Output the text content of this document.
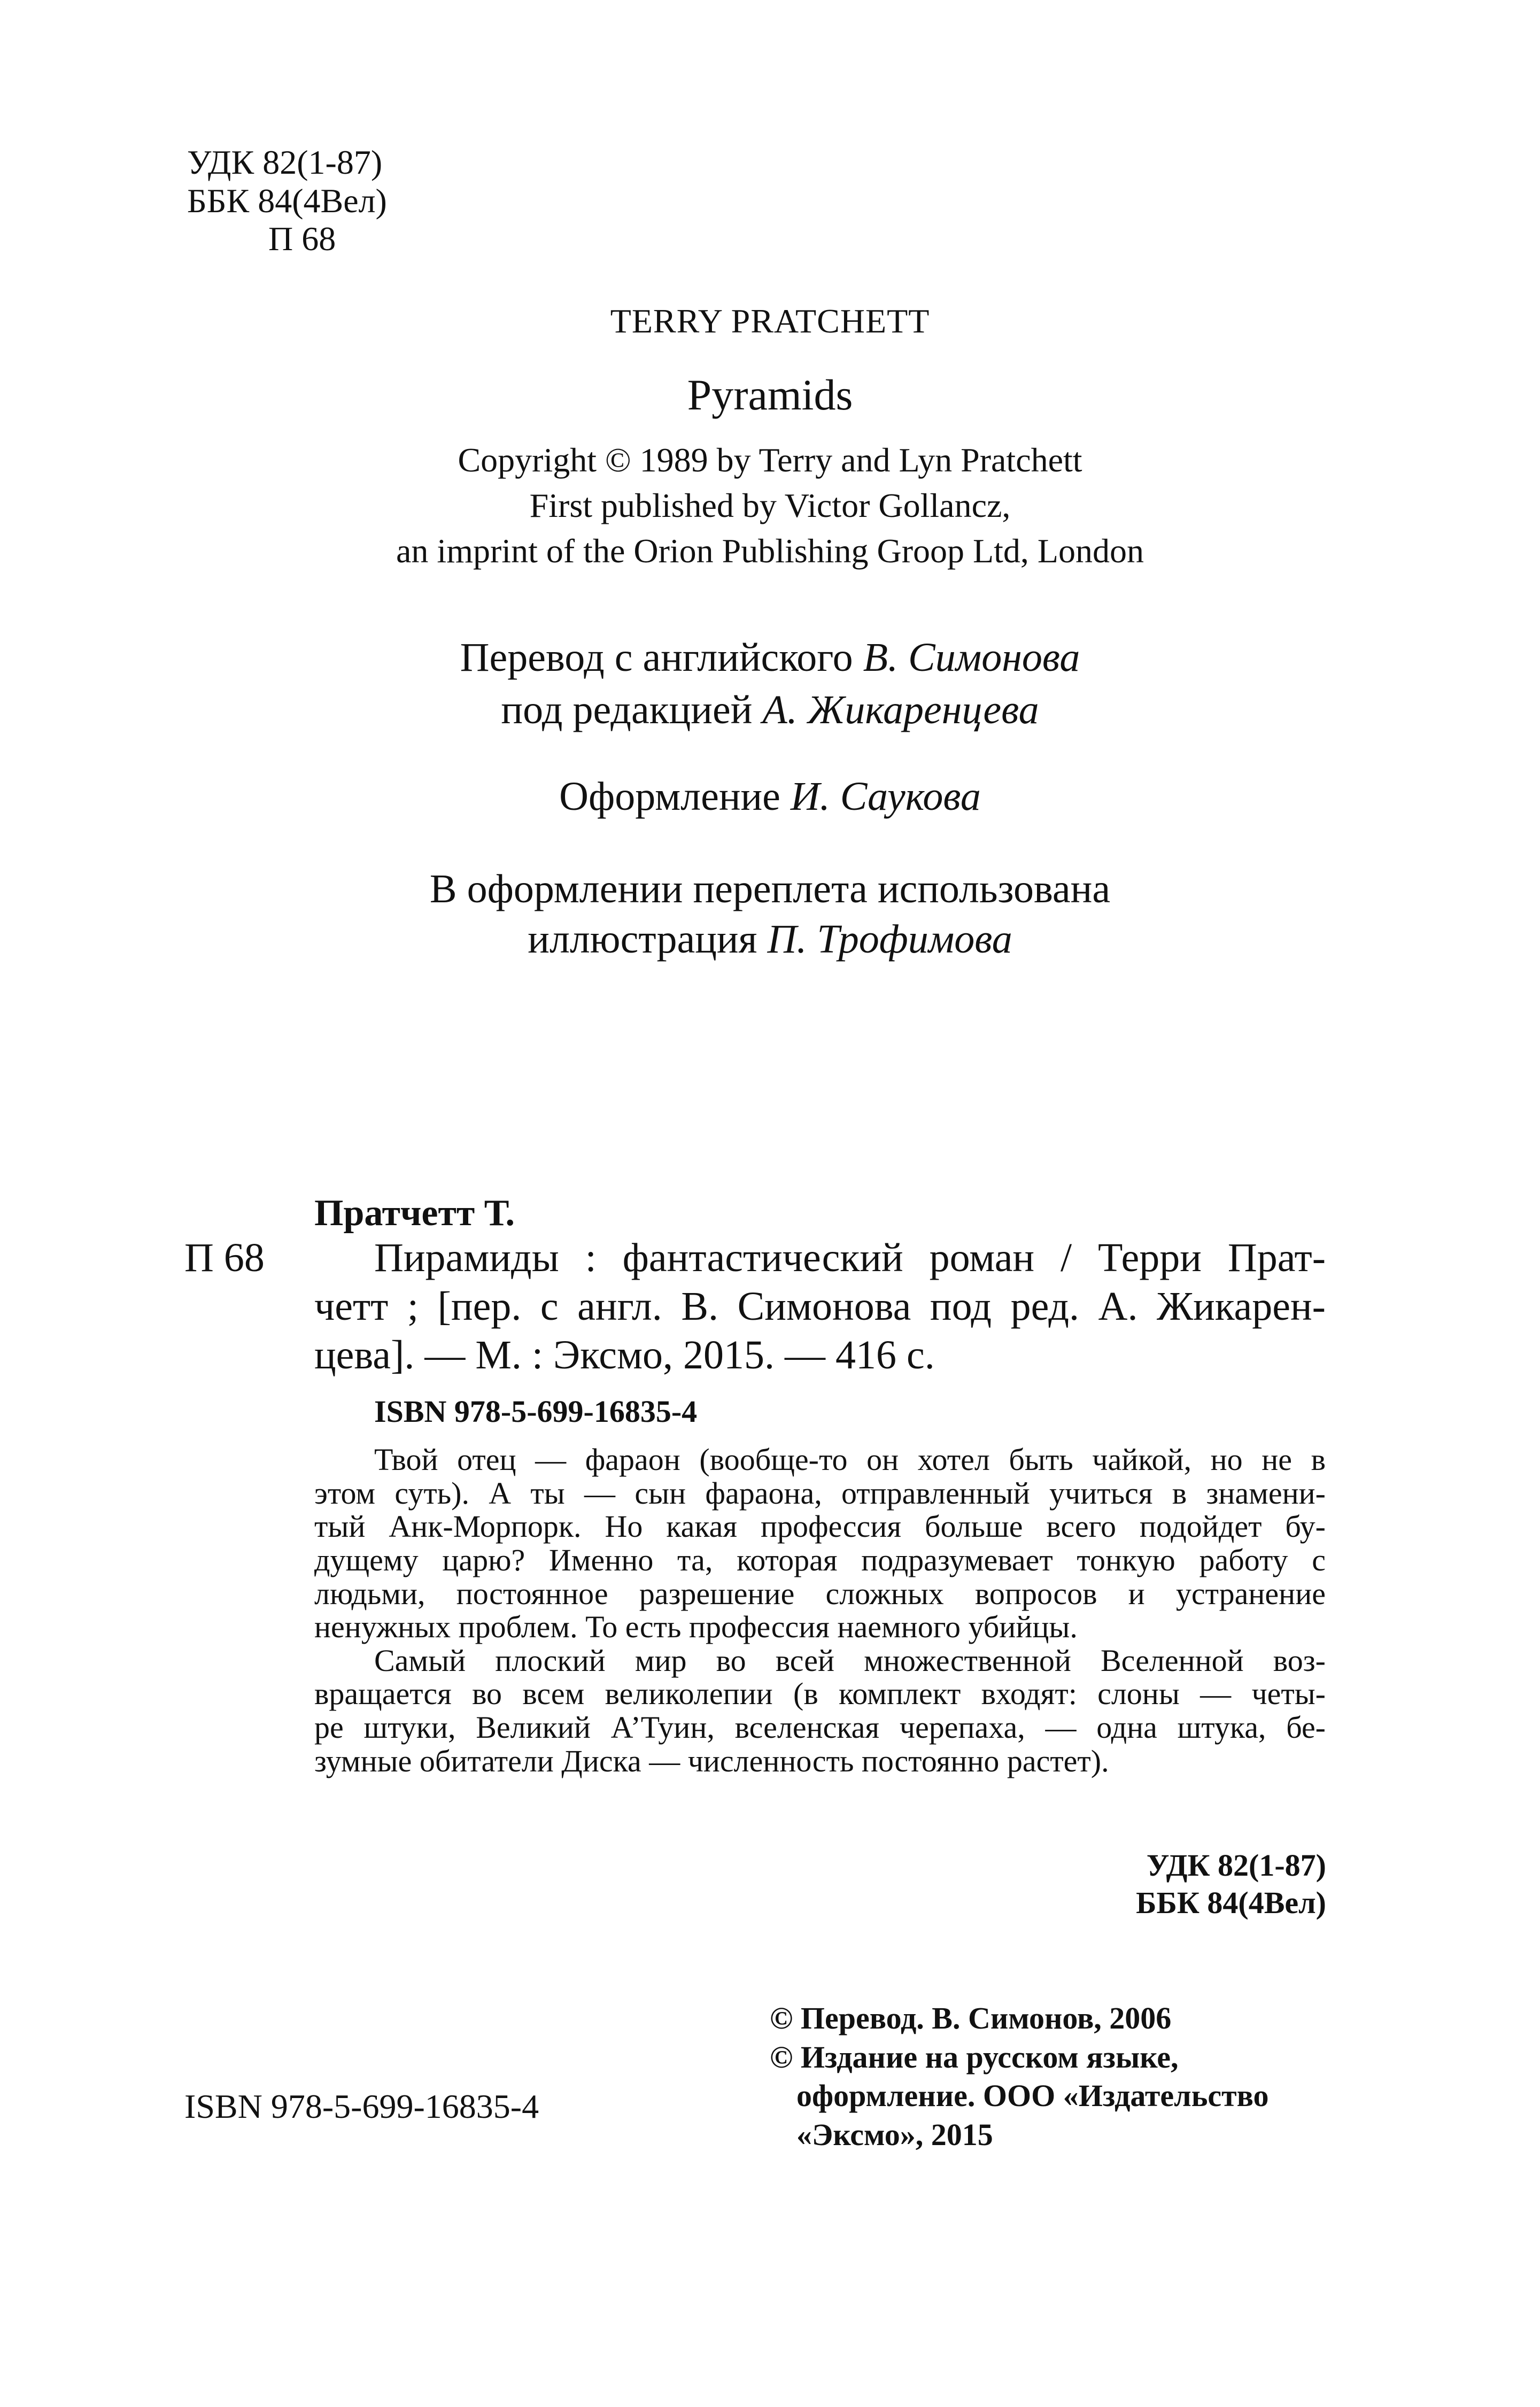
УДК 82(1-87)
ББК 84(4Вел)
П 68
TERRY PRATCHETT
Pyramids
Copyright © 1989 by Terry and Lyn Pratchett
First published by Victor Gollancz,
an imprint of the Orion Publishing Groop Ltd, London
Перевод с английского В. Симонова
под редакцией А. Жикаренцева
Оформление И. Саукова
В оформлении переплета использована
иллюстрация П. Трофимова
Пратчетт Т.
П 68	Пирамиды : фантастический роман / Терри Прат-
четт ; [пер. с англ. В. Симонова под ред. А. Жикарен-
цева]. — М. : Эксмо, 2015. — 416 с.
ISBN 978-5-699-16835-4
Твой отец — фараон (вообще-то он хотел быть чайкой, но не в
этом суть). А ты — сын фараона, отправленный учиться в знамени-
тый Анк-Морпорк. Но какая профессия больше всего подойдет бу-
дущему царю? Именно та, которая подразумевает тонкую работу с
людьми, постоянное разрешение сложных вопросов и устранение
ненужных проблем. То есть профессия наемного убийцы.
Самый плоский мир во всей множественной Вселенной воз-
вращается во всем великолепии (в комплект входят: слоны — четы-
ре штуки, Великий А’Туин, вселенская черепаха, — одна штука, бе-
зумные обитатели Диска — численность постоянно растет).
УДК 82(1-87)
ББК 84(4Вел)
ISBN 978-5-699-16835-4
© Перевод. В. Симонов, 2006
© Издание на русском языке,
оформление. ООО «Издательство
«Эксмо», 2015
